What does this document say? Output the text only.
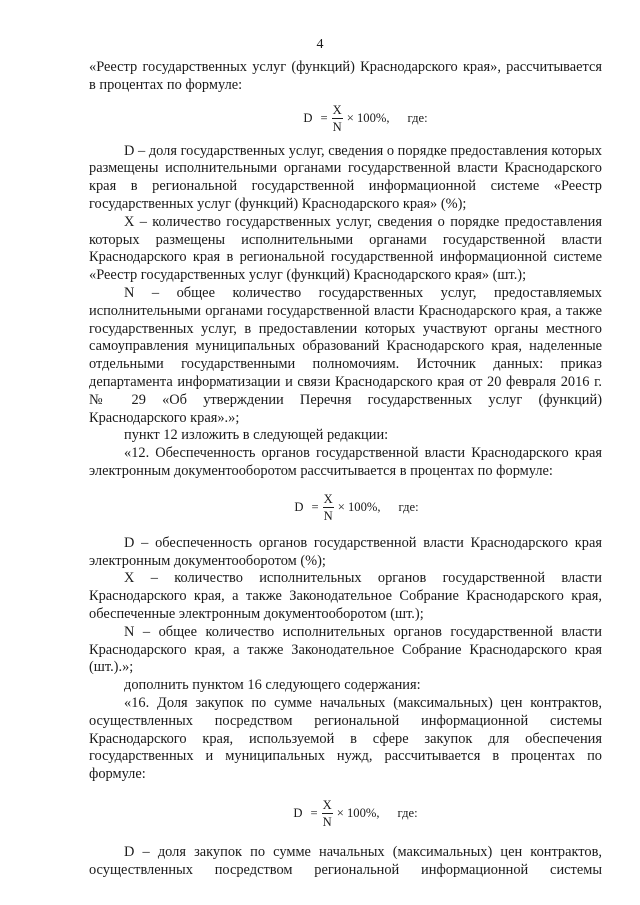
4

«Реестр государственных услуг (функций) Краснодарского края», рассчитывается в процентах по формуле:

$D = \frac{X}{N} \times 100\%$, где:

D – доля государственных услуг, сведения о порядке предоставления которых размещены исполнительными органами государственной власти Краснодарского края в региональной государственной информационной системе «Реестр государственных услуг (функций) Краснодарского края» (%);

X – количество государственных услуг, сведения о порядке предоставления которых размещены исполнительными органами государственной власти Краснодарского края в региональной государственной информационной системе «Реестр государственных услуг (функций) Краснодарского края» (шт.);

N – общее количество государственных услуг, предоставляемых исполнительными органами государственной власти Краснодарского края, а также государственных услуг, в предоставлении которых участвуют органы местного самоуправления муниципальных образований Краснодарского края, наделенные отдельными государственными полномочиям. Источник данных: приказ департамента информатизации и связи Краснодарского края от 20 февраля 2016 г. № 29 «Об утверждении Перечня государственных услуг (функций) Краснодарского края».»;

пункт 12 изложить в следующей редакции:

«12. Обеспеченность органов государственной власти Краснодарского края электронным документооборотом рассчитывается в процентах по формуле:

$D = \frac{X}{N} \times 100\%$, где:

D – обеспеченность органов государственной власти Краснодарского края электронным документооборотом (%);

X – количество исполнительных органов государственной власти Краснодарского края, а также Законодательное Собрание Краснодарского края, обеспеченные электронным документооборотом (шт.);

N – общее количество исполнительных органов государственной власти Краснодарского края, а также Законодательное Собрание Краснодарского края (шт.).»;

дополнить пунктом 16 следующего содержания:

«16. Доля закупок по сумме начальных (максимальных) цен контрактов, осуществленных посредством региональной информационной системы Краснодарского края, используемой в сфере закупок для обеспечения государственных и муниципальных нужд, рассчитывается в процентах по формуле:

$D = \frac{X}{N} \times 100\%$, где:

D – доля закупок по сумме начальных (максимальных) цен контрактов, осуществленных посредством региональной информационной системы
